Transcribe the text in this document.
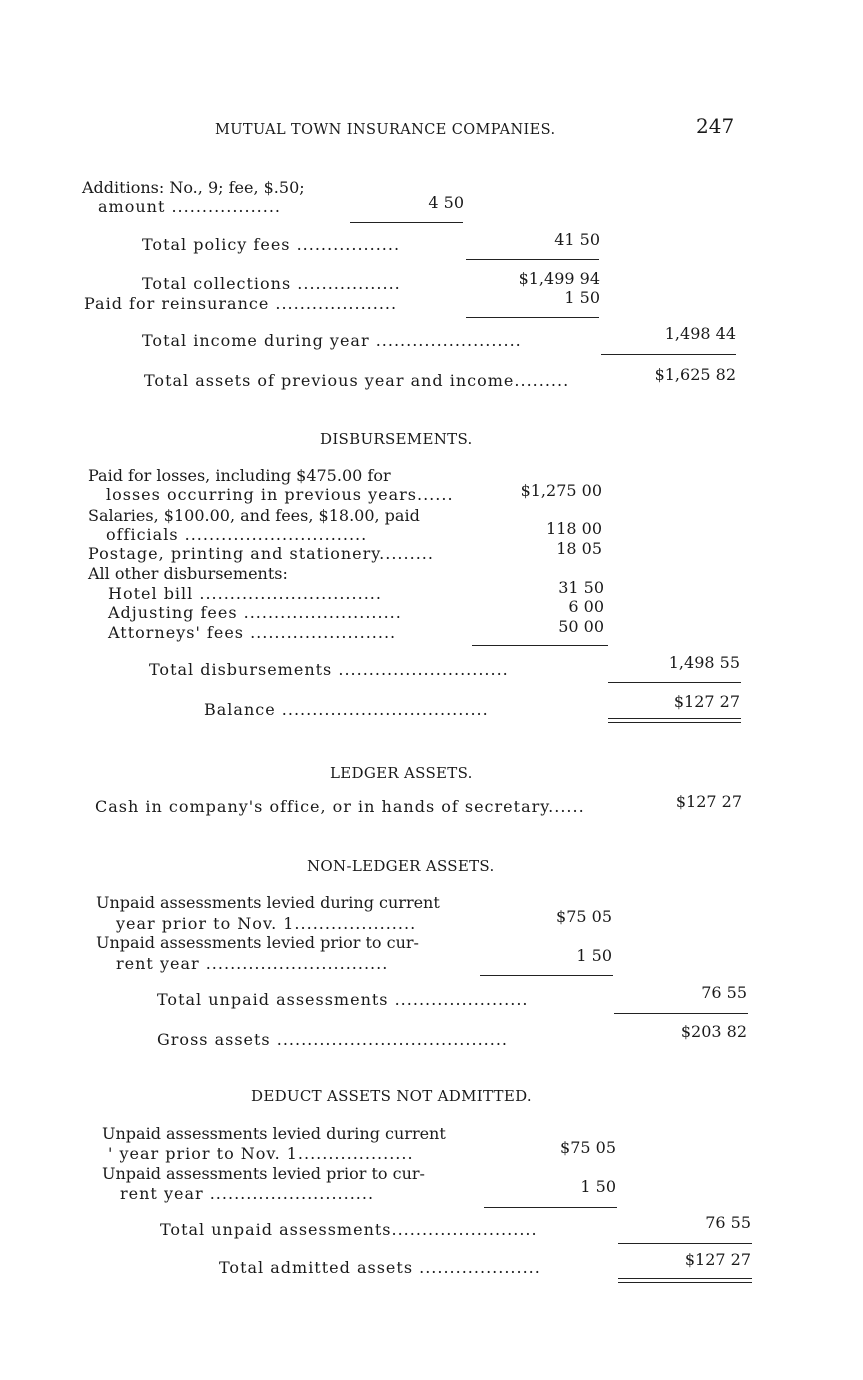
MUTUAL TOWN INSURANCE COMPANIES.	247
Additions: No., 9; fee, $.50;
amount ..................	4 50
Total policy fees .................	41 50
Total collections .................	$1,499 94
Paid for reinsurance ....................	1 50
Total income during year ........................	1,498 44
Total assets of previous year and income.........	$1,625 82
DISBURSEMENTS.
Paid for losses, including $475.00 for
losses occurring in previous years......	$1,275 00
Salaries, $100.00, and fees, $18.00, paid
officials ..............................	118 00
Postage, printing and stationery.........	18 05
All other disbursements:
Hotel bill ..............................	31 50
Adjusting fees ..........................	6 00
Attorneys' fees ........................	50 00
Total disbursements ............................	1,498 55
Balance ..................................	$127 27
LEDGER ASSETS.
Cash in company's office, or in hands of secretary......	$127 27
NON-LEDGER ASSETS.
Unpaid assessments levied during current
year prior to Nov. 1....................	$75 05
Unpaid assessments levied prior to cur-
rent year ..............................	1 50
Total unpaid assessments ......................	76 55
Gross assets ......................................	$203 82
DEDUCT ASSETS NOT ADMITTED.
Unpaid assessments levied during current
' year prior to Nov. 1...................	$75 05
Unpaid assessments levied prior to cur-
rent year ...........................	1 50
Total unpaid assessments........................	76 55
Total admitted assets ....................	$127 27
